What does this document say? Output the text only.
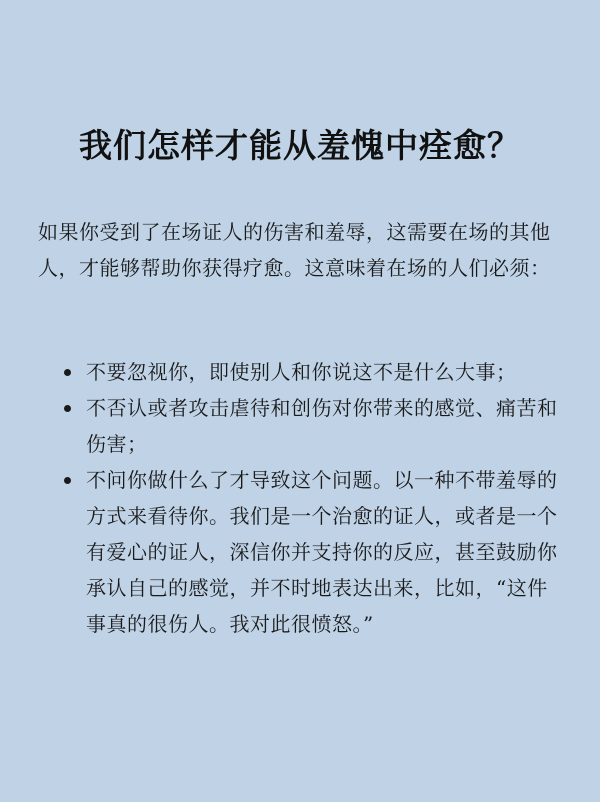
我们怎样才能从羞愧中痊愈？

如果你受到了在场证人的伤害和羞辱，这需要在场的其他人，才能够帮助你获得疗愈。这意味着在场的人们必须：

不要忽视你，即使别人和你说这不是什么大事；
不否认或者攻击虐待和创伤对你带来的感觉、痛苦和伤害；
不问你做什么了才导致这个问题。以一种不带羞辱的方式来看待你。我们是一个治愈的证人，或者是一个有爱心的证人，深信你并支持你的反应，甚至鼓励你承认自己的感觉，并不时地表达出来，比如，“这件事真的很伤人。我对此很愤怒。”
